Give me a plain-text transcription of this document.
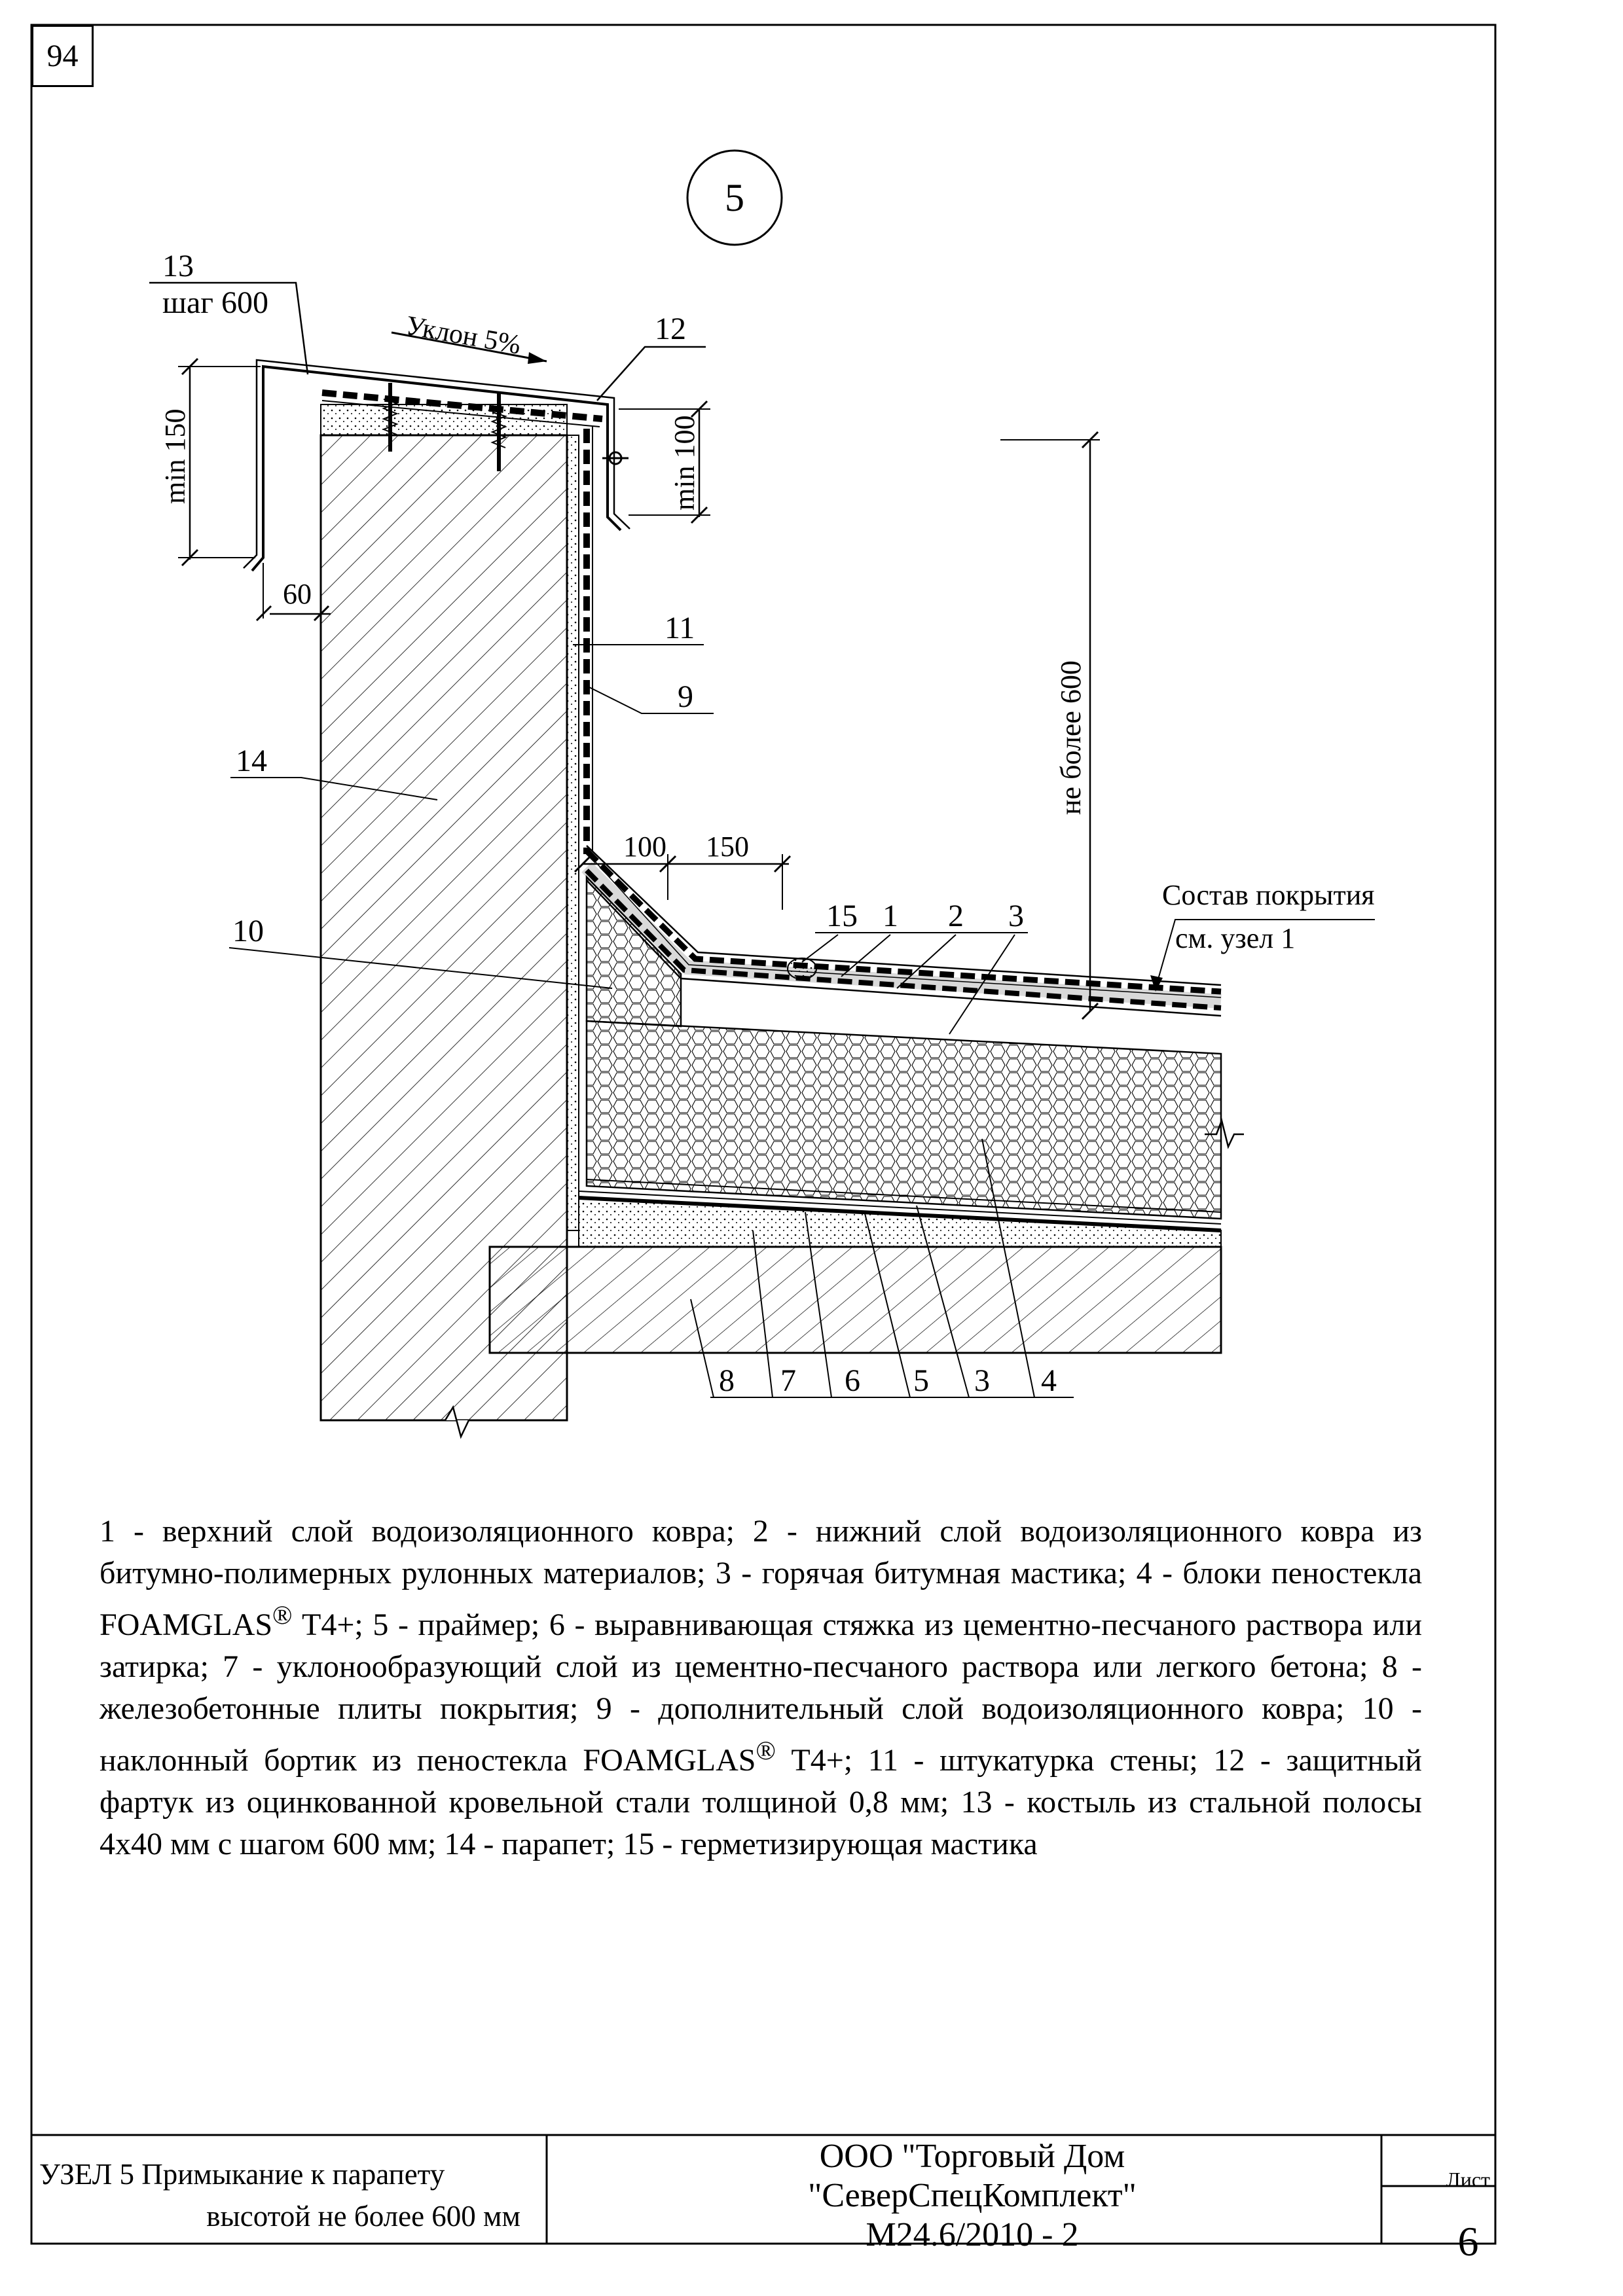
5
Уклон 5%
13
шаг 600
12
min 150	min 100
60
11
9
14	не более 600
100 150
10	15 1 2 3
Состав покрытия
см. узел 1
8 7 6 5 3 4
94
1 - верхний слой водоизоляционного ковра; 2 - нижний слой водоизоляционного ковра из битумно-полимерных рулонных материалов; 3 - горячая битумная мастика; 4 - блоки пеностекла FOAMGLAS® Т4+; 5 - праймер; 6 - выравнивающая стяжка из цементно-песчаного раствора или затирка; 7 - уклонообразующий слой из цементно-песчаного раствора или легкого бетона; 8 - железобетонные плиты покрытия; 9 - дополнительный слой водоизоляционного ковра; 10 - наклонный бортик из пеностекла FOAMGLAS® Т4+; 11 - штукатурка стены; 12 - защитный фартук из оцинкованной кровельной стали толщиной 0,8 мм; 13 - костыль из стальной полосы 4х40 мм с шагом 600 мм; 14 - парапет; 15 - герметизирующая мастика
УЗЕЛ 5 Примыкание к парапету
высотой не более 600 мм
ООО "Торговый Дом
"СеверСпецКомплект"
М24.6/2010 - 2
Лист
6
